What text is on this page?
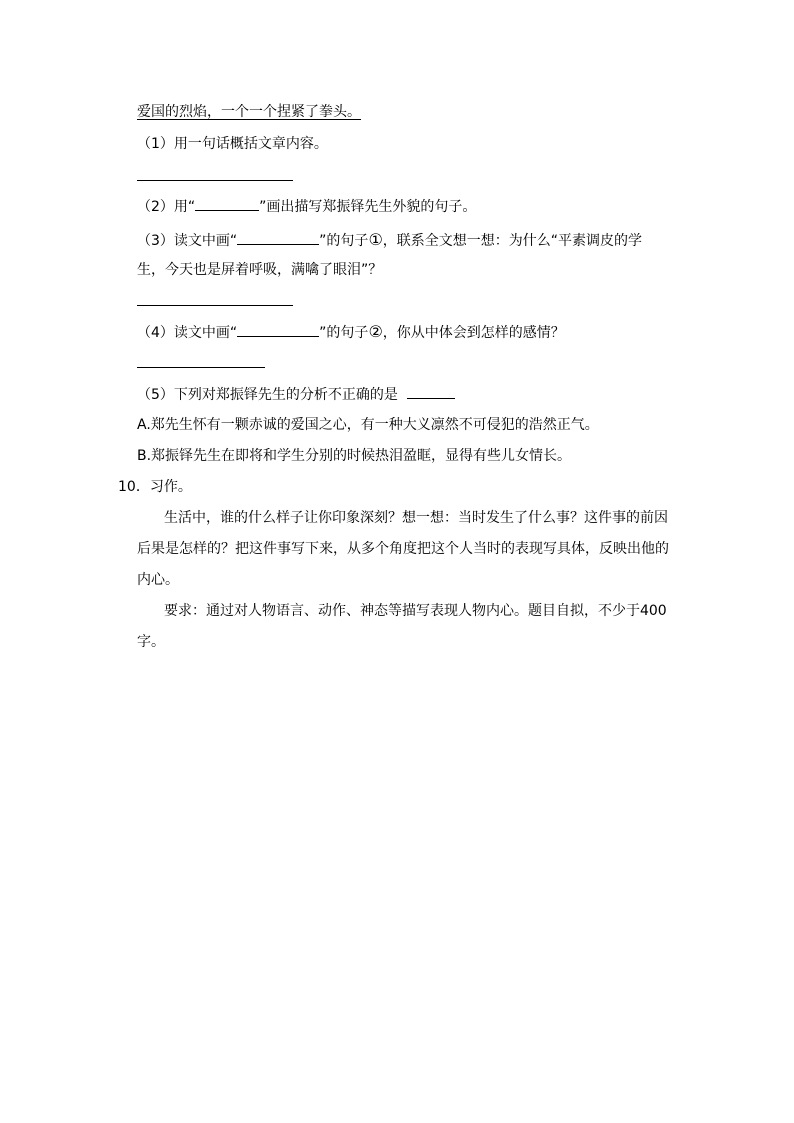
爱国的烈焰，一个一个捏紧了拳头。
（1）用一句话概括文章内容。
（2）用“	”画出描写郑振铎先生外貌的句子。
（3）读文中画“	”的句子①，联系全文想一想：为什么“平素调皮的学
生，今天也是屏着呼吸，满噙了眼泪”？
（4）读文中画“	”的句子②，你从中体会到怎样的感情？
（5）下列对郑振铎先生的分析不正确的是
A.郑先生怀有一颗赤诚的爱国之心，有一种大义凛然不可侵犯的浩然正气。
B.郑振铎先生在即将和学生分别的时候热泪盈眶，显得有些儿女情长。
10．习作。
生活中，谁的什么样子让你印象深刻？想一想：当时发生了什么事？这件事的前因
后果是怎样的？把这件事写下来，从多个角度把这个人当时的表现写具体，反映出他的
内心。
要求：通过对人物语言、动作、神态等描写表现人物内心。题目自拟，不少于400
字。
